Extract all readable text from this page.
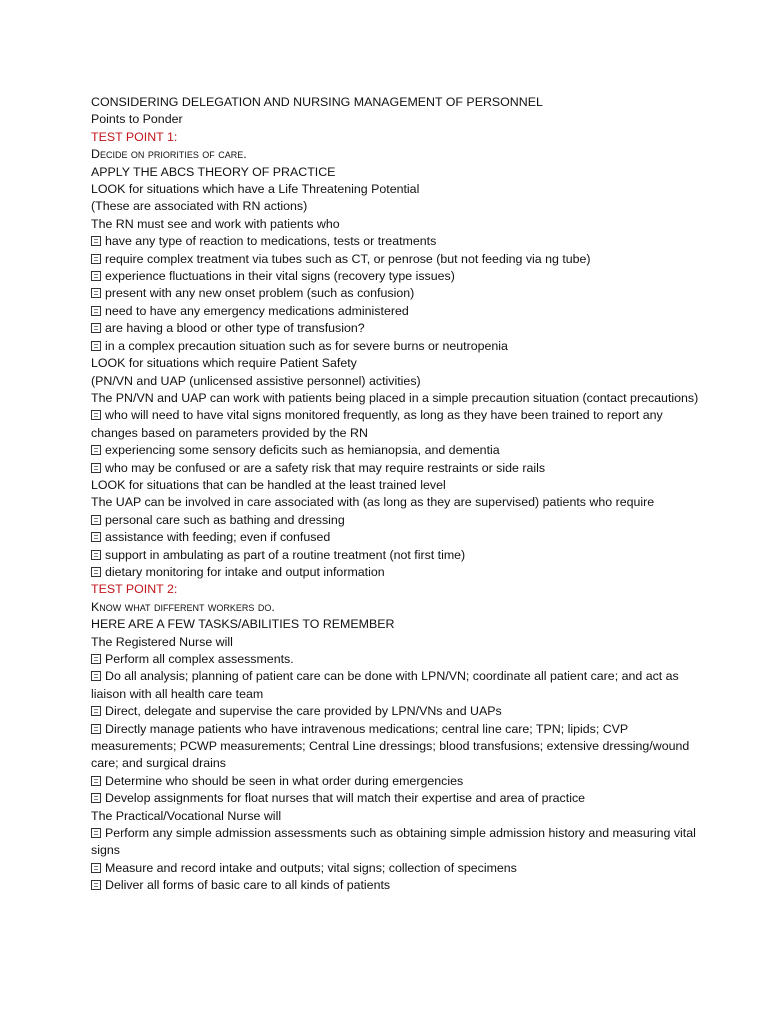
CONSIDERING DELEGATION AND NURSING MANAGEMENT OF PERSONNEL
Points to Ponder
TEST POINT 1:
Decide on priorities of care.
APPLY THE ABCS THEORY OF PRACTICE
LOOK for situations which have a Life Threatening Potential
(These are associated with RN actions)
The RN must see and work with patients who
have any type of reaction to medications, tests or treatments
require complex treatment via tubes such as CT, or penrose (but not feeding via ng tube)
experience fluctuations in their vital signs (recovery type issues)
present with any new onset problem (such as confusion)
need to have any emergency medications administered
are having a blood or other type of transfusion?
in a complex precaution situation such as for severe burns or neutropenia
LOOK for situations which require Patient Safety
(PN/VN and UAP (unlicensed assistive personnel) activities)
The PN/VN and UAP can work with patients being placed in a simple precaution situation (contact precautions)
who will need to have vital signs monitored frequently, as long as they have been trained to report any changes based on parameters provided by the RN
experiencing some sensory deficits such as hemianopsia, and dementia
who may be confused or are a safety risk that may require restraints or side rails
LOOK for situations that can be handled at the least trained level
The UAP can be involved in care associated with (as long as they are supervised) patients who require
personal care such as bathing and dressing
assistance with feeding; even if confused
support in ambulating as part of a routine treatment (not first time)
dietary monitoring for intake and output information
TEST POINT 2:
Know what different workers do.
HERE ARE A FEW TASKS/ABILITIES TO REMEMBER
The Registered Nurse will
Perform all complex assessments.
Do all analysis; planning of patient care can be done with LPN/VN; coordinate all patient care; and act as liaison with all health care team
Direct, delegate and supervise the care provided by LPN/VNs and UAPs
Directly manage patients who have intravenous medications; central line care; TPN; lipids; CVP measurements; PCWP measurements; Central Line dressings; blood transfusions; extensive dressing/wound care; and surgical drains
Determine who should be seen in what order during emergencies
Develop assignments for float nurses that will match their expertise and area of practice
The Practical/Vocational Nurse will
Perform any simple admission assessments such as obtaining simple admission history and measuring vital signs
Measure and record intake and outputs; vital signs; collection of specimens
Deliver all forms of basic care to all kinds of patients
